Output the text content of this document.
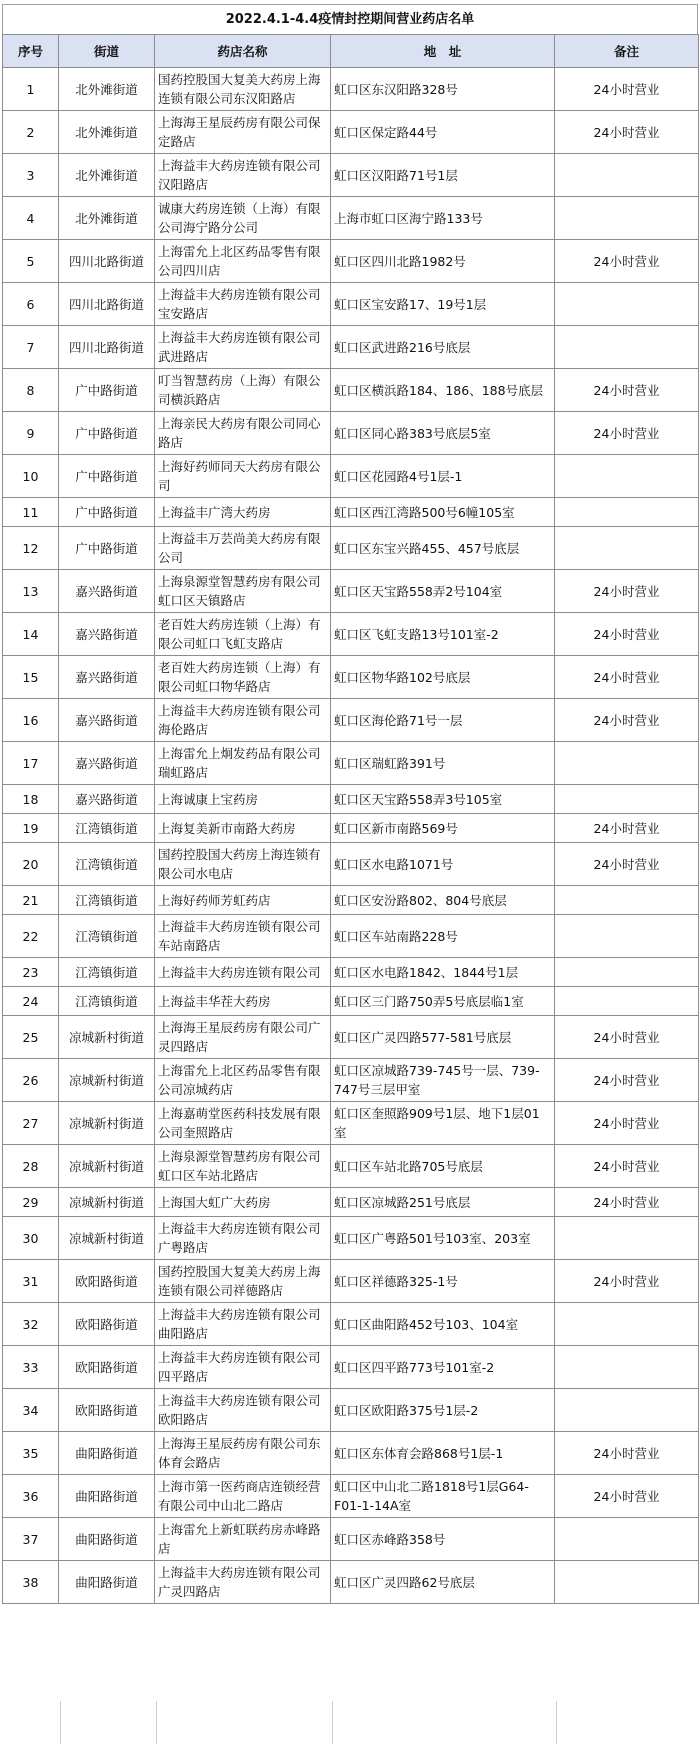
2022.4.1-4.4疫情封控期间营业药店名单
序号	街道	药店名称	地　址	备注
1	北外滩街道	国药控股国大复美大药房上海连锁有限公司东汉阳路店	虹口区东汉阳路328号	24小时营业
2	北外滩街道	上海海王星辰药房有限公司保定路店	虹口区保定路44号	24小时营业
3	北外滩街道	上海益丰大药房连锁有限公司汉阳路店	虹口区汉阳路71号1层	
4	北外滩街道	诚康大药房连锁（上海）有限公司海宁路分公司	上海市虹口区海宁路133号	
5	四川北路街道	上海雷允上北区药品零售有限公司四川店	虹口区四川北路1982号	24小时营业
6	四川北路街道	上海益丰大药房连锁有限公司宝安路店	虹口区宝安路17、19号1层	
7	四川北路街道	上海益丰大药房连锁有限公司武进路店	虹口区武进路216号底层	
8	广中路街道	叮当智慧药房（上海）有限公司横浜路店	虹口区横浜路184、186、188号底层	24小时营业
9	广中路街道	上海亲民大药房有限公司同心路店	虹口区同心路383号底层5室	24小时营业
10	广中路街道	上海好药师同天大药房有限公司	虹口区花园路4号1层-1	
11	广中路街道	上海益丰广湾大药房	虹口区西江湾路500号6幢105室	
12	广中路街道	上海益丰万芸尚美大药房有限公司	虹口区东宝兴路455、457号底层	
13	嘉兴路街道	上海泉源堂智慧药房有限公司虹口区天镇路店	虹口区天宝路558弄2号104室	24小时营业
14	嘉兴路街道	老百姓大药房连锁（上海）有限公司虹口飞虹支路店	虹口区飞虹支路13号101室-2	24小时营业
15	嘉兴路街道	老百姓大药房连锁（上海）有限公司虹口物华路店	虹口区物华路102号底层	24小时营业
16	嘉兴路街道	上海益丰大药房连锁有限公司海伦路店	虹口区海伦路71号一层	24小时营业
17	嘉兴路街道	上海雷允上炯发药品有限公司瑞虹路店	虹口区瑞虹路391号	
18	嘉兴路街道	上海诚康上宝药房	虹口区天宝路558弄3号105室	
19	江湾镇街道	上海复美新市南路大药房	虹口区新市南路569号	24小时营业
20	江湾镇街道	国药控股国大药房上海连锁有限公司水电店	虹口区水电路1071号	24小时营业
21	江湾镇街道	上海好药师芳虹药店	虹口区安汾路802、804号底层	
22	江湾镇街道	上海益丰大药房连锁有限公司车站南路店	虹口区车站南路228号	
23	江湾镇街道	上海益丰大药房连锁有限公司	虹口区水电路1842、1844号1层	
24	江湾镇街道	上海益丰华茬大药房	虹口区三门路750弄5号底层临1室	
25	凉城新村街道	上海海王星辰药房有限公司广灵四路店	虹口区广灵四路577-581号底层	24小时营业
26	凉城新村街道	上海雷允上北区药品零售有限公司凉城药店	虹口区凉城路739-745号一层、739-747号三层甲室	24小时营业
27	凉城新村街道	上海嘉萌堂医药科技发展有限公司奎照路店	虹口区奎照路909号1层、地下1层01室	24小时营业
28	凉城新村街道	上海泉源堂智慧药房有限公司虹口区车站北路店	虹口区车站北路705号底层	24小时营业
29	凉城新村街道	上海国大虹广大药房	虹口区凉城路251号底层	24小时营业
30	凉城新村街道	上海益丰大药房连锁有限公司广粤路店	虹口区广粤路501号103室、203室	
31	欧阳路街道	国药控股国大复美大药房上海连锁有限公司祥德路店	虹口区祥德路325-1号	24小时营业
32	欧阳路街道	上海益丰大药房连锁有限公司曲阳路店	虹口区曲阳路452号103、104室	
33	欧阳路街道	上海益丰大药房连锁有限公司四平路店	虹口区四平路773号101室-2	
34	欧阳路街道	上海益丰大药房连锁有限公司欧阳路店	虹口区欧阳路375号1层-2	
35	曲阳路街道	上海海王星辰药房有限公司东体育会路店	虹口区东体育会路868号1层-1	24小时营业
36	曲阳路街道	上海市第一医药商店连锁经营有限公司中山北二路店	虹口区中山北二路1818号1层G64-F01-1-14A室	24小时营业
37	曲阳路街道	上海雷允上新虹联药房赤峰路店	虹口区赤峰路358号	
38	曲阳路街道	上海益丰大药房连锁有限公司广灵四路店	虹口区广灵四路62号底层	
